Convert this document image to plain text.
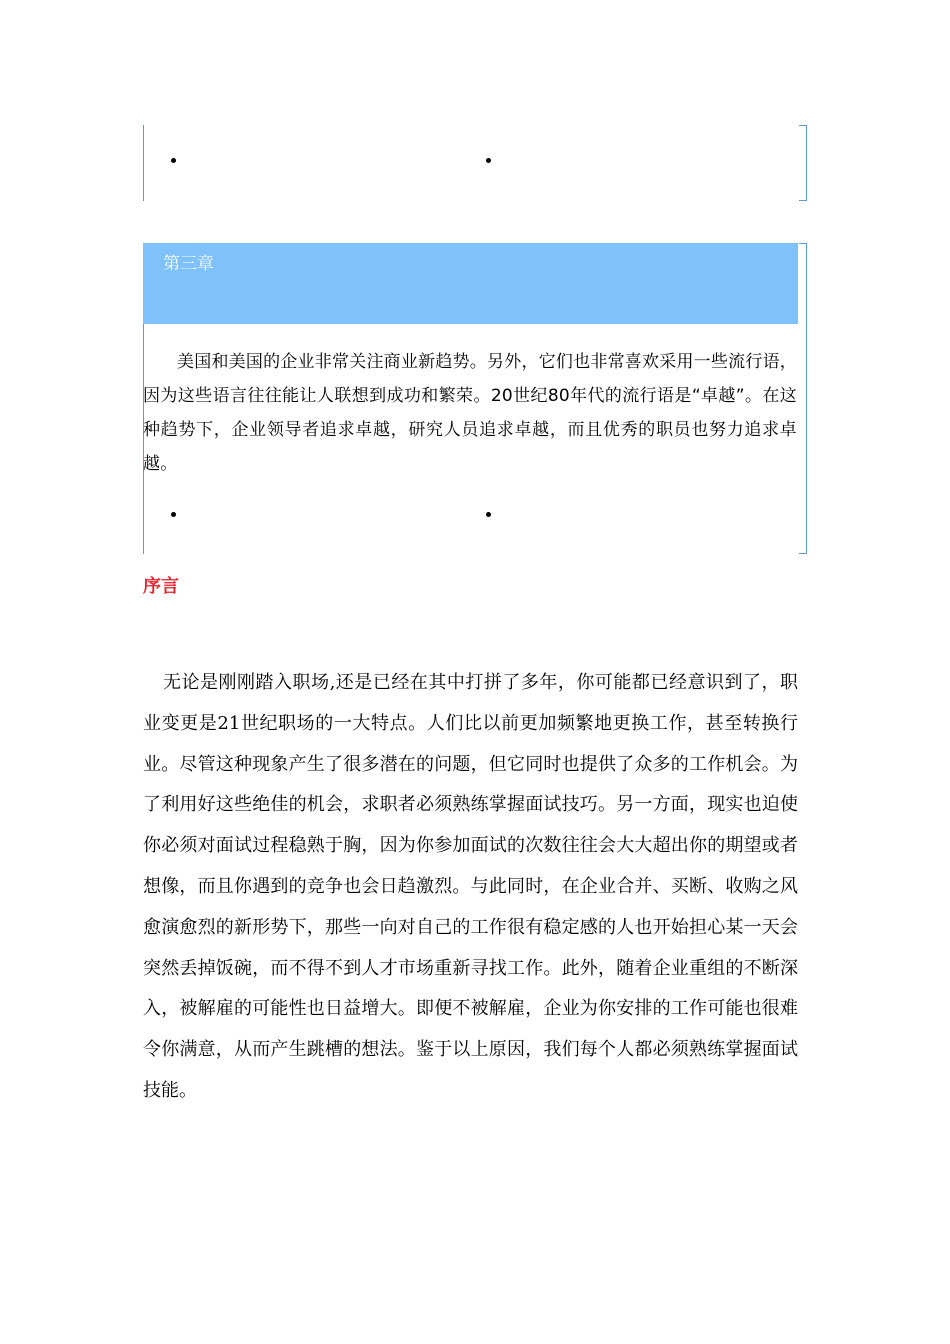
第三章
美国和美国的企业非常关注商业新趋势。另外，它们也非常喜欢采用一些流行语，因为这些语言往往能让人联想到成功和繁荣。20世纪80年代的流行语是“卓越”。在这种趋势下，企业领导者追求卓越，研究人员追求卓越，而且优秀的职员也努力追求卓越。
序言
无论是刚刚踏入职场,还是已经在其中打拼了多年，你可能都已经意识到了，职业变更是21世纪职场的一大特点。人们比以前更加频繁地更换工作，甚至转换行业。尽管这种现象产生了很多潜在的问题，但它同时也提供了众多的工作机会。为了利用好这些绝佳的机会，求职者必须熟练掌握面试技巧。另一方面，现实也迫使你必须对面试过程稳熟于胸，因为你参加面试的次数往往会大大超出你的期望或者想像，而且你遇到的竞争也会日趋激烈。与此同时，在企业合并、买断、收购之风愈演愈烈的新形势下，那些一向对自己的工作很有稳定感的人也开始担心某一天会突然丢掉饭碗，而不得不到人才市场重新寻找工作。此外，随着企业重组的不断深入，被解雇的可能性也日益增大。即便不被解雇，企业为你安排的工作可能也很难令你满意，从而产生跳槽的想法。鉴于以上原因，我们每个人都必须熟练掌握面试技能。
